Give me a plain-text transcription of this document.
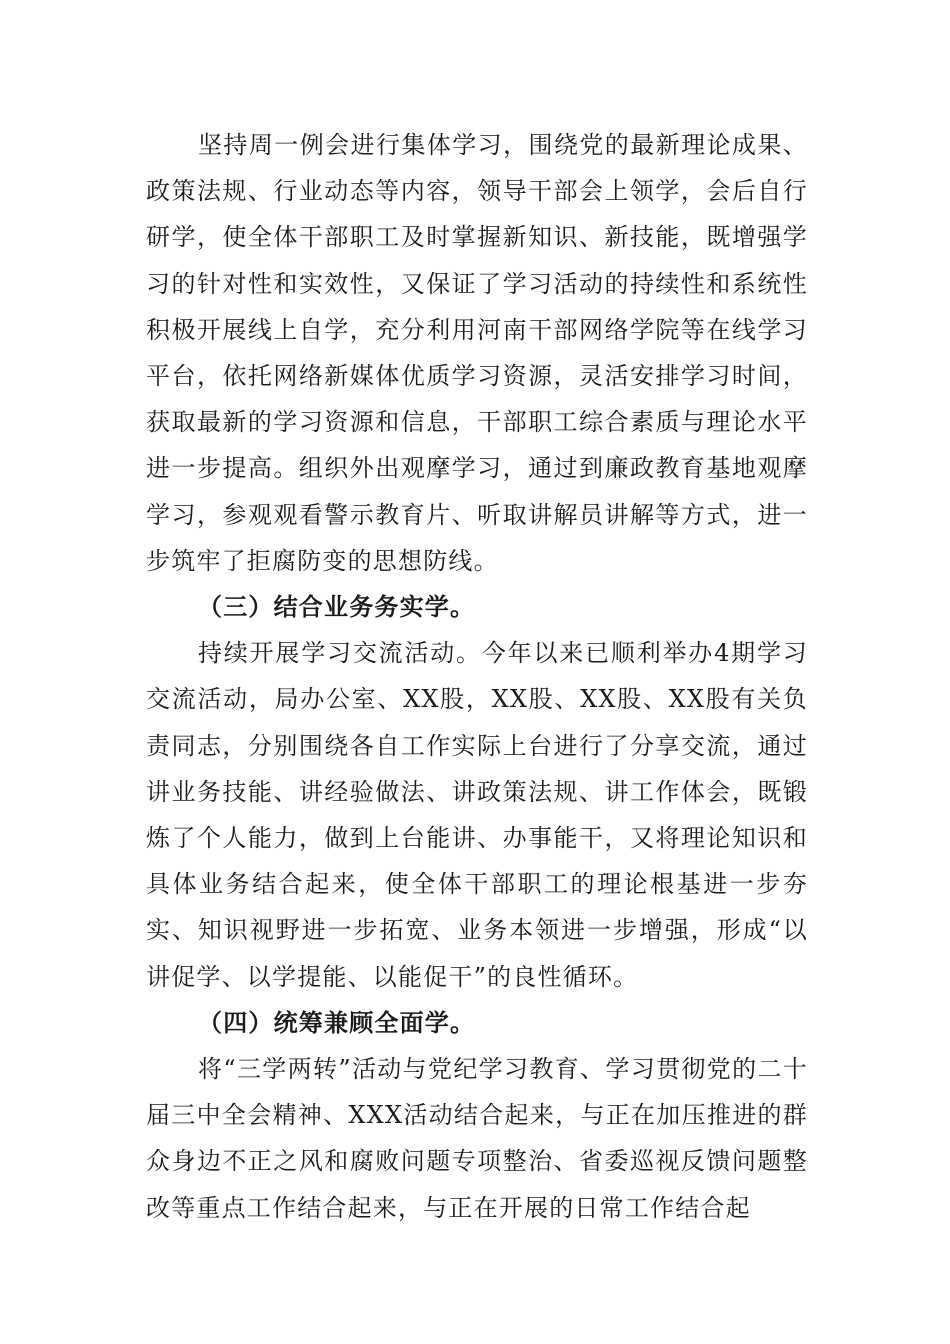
坚持周一例会进行集体学习，围绕党的最新理论成果、政策法规、行业动态等内容，领导干部会上领学，会后自行研学，使全体干部职工及时掌握新知识、新技能，既增强学习的针对性和实效性，又保证了学习活动的持续性和系统性积极开展线上自学，充分利用河南干部网络学院等在线学习平台，依托网络新媒体优质学习资源，灵活安排学习时间，获取最新的学习资源和信息，干部职工综合素质与理论水平进一步提高。组织外出观摩学习，通过到廉政教育基地观摩学习，参观观看警示教育片、听取讲解员讲解等方式，进一步筑牢了拒腐防变的思想防线。

（三）结合业务务实学。

持续开展学习交流活动。今年以来已顺利举办4期学习交流活动，局办公室、XX股，XX股、XX股、XX股有关负责同志，分别围绕各自工作实际上台进行了分享交流，通过讲业务技能、讲经验做法、讲政策法规、讲工作体会，既锻炼了个人能力，做到上台能讲、办事能干，又将理论知识和具体业务结合起来，使全体干部职工的理论根基进一步夯实、知识视野进一步拓宽、业务本领进一步增强，形成“以讲促学、以学提能、以能促干”的良性循环。

（四）统筹兼顾全面学。

将“三学两转”活动与党纪学习教育、学习贯彻党的二十届三中全会精神、XXX活动结合起来，与正在加压推进的群众身边不正之风和腐败问题专项整治、省委巡视反馈问题整改等重点工作结合起来，与正在开展的日常工作结合起
